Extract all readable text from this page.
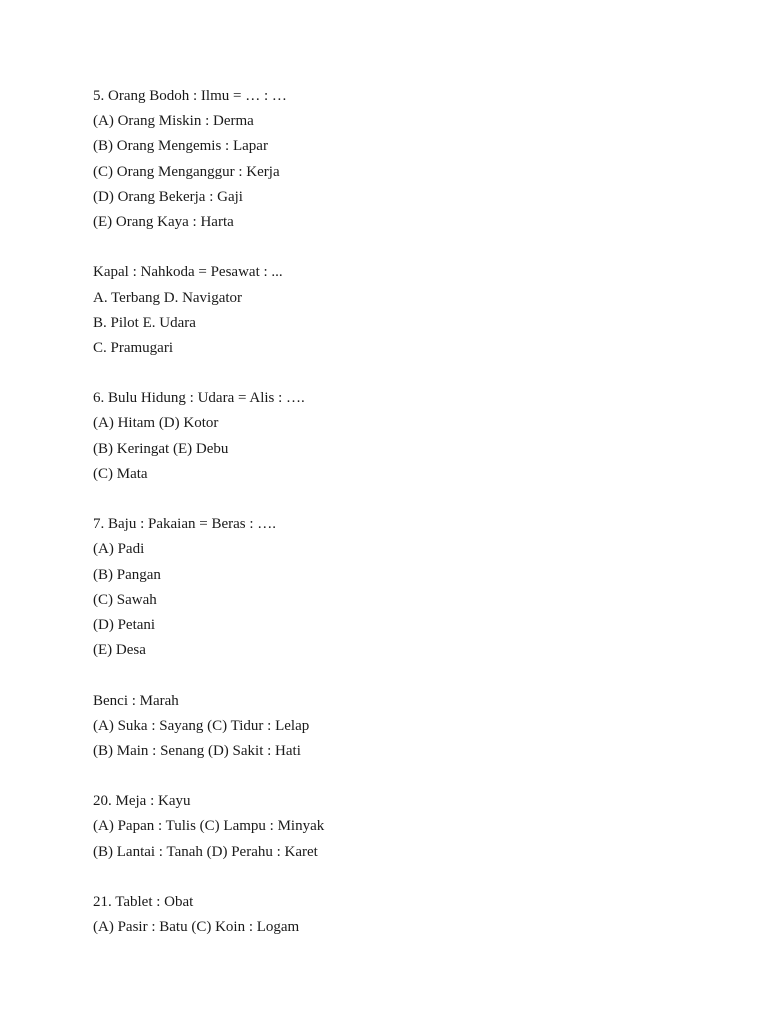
5. Orang Bodoh : Ilmu = … : …
(A) Orang Miskin : Derma
(B) Orang Mengemis : Lapar
(C) Orang Menganggur : Kerja
(D) Orang Bekerja : Gaji
(E) Orang Kaya : Harta
Kapal : Nahkoda = Pesawat : ...
A. Terbang D. Navigator
B. Pilot E. Udara
C. Pramugari
6. Bulu Hidung : Udara = Alis : ….
(A) Hitam (D) Kotor
(B) Keringat (E) Debu
(C) Mata
7. Baju : Pakaian = Beras : ….
(A) Padi
(B) Pangan
(C) Sawah
(D) Petani
(E) Desa
Benci : Marah
(A) Suka : Sayang (C) Tidur : Lelap
(B) Main : Senang (D) Sakit : Hati
20. Meja : Kayu
(A) Papan : Tulis (C) Lampu : Minyak
(B) Lantai : Tanah (D) Perahu : Karet
21. Tablet : Obat
(A) Pasir : Batu (C) Koin : Logam
